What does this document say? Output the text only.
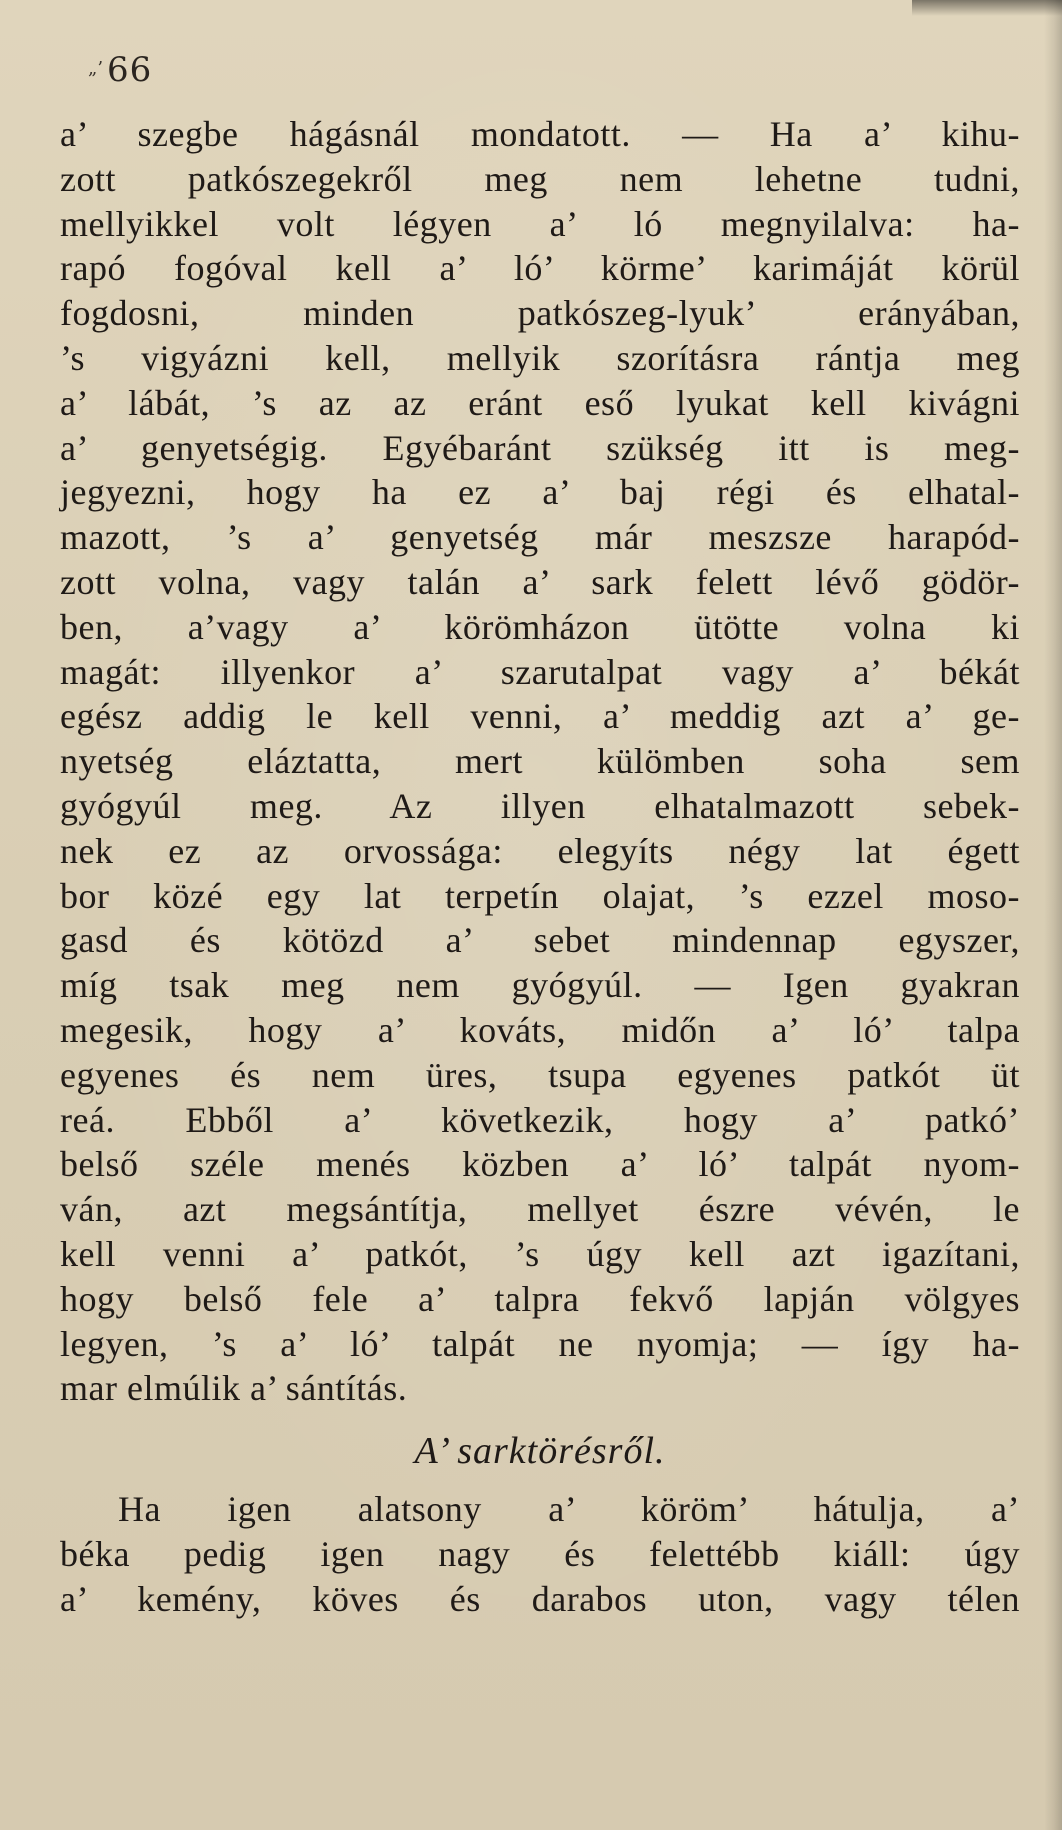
„’ 66
a’ szegbe hágásnál mondatott. — Ha a’ kihu-
zott patkószegekről meg nem lehetne tudni,
mellyikkel volt légyen a’ ló megnyilalva: ha-
rapó fogóval kell a’ ló’ körme’ karimáját körül
fogdosni, minden patkószeg-lyuk’ erányában,
’s vigyázni kell, mellyik szorításra rántja meg
a’ lábát, ’s az az eránt eső lyukat kell kivágni
a’ genyetségig. Egyébaránt szükség itt is meg-
jegyezni, hogy ha ez a’ baj régi és elhatal-
mazott, ’s a’ genyetség már meszsze harapód-
zott volna, vagy talán a’ sark felett lévő gödör-
ben, a’vagy a’ körömházon ütötte volna ki
magát: illyenkor a’ szarutalpat vagy a’ békát
egész addig le kell venni, a’ meddig azt a’ ge-
nyetség eláztatta, mert külömben soha sem
gyógyúl meg. Az illyen elhatalmazott sebek-
nek ez az orvossága: elegyíts négy lat égett
bor közé egy lat terpetín olajat, ’s ezzel moso-
gasd és kötözd a’ sebet mindennap egyszer,
míg tsak meg nem gyógyúl. — Igen gyakran
megesik, hogy a’ kováts, midőn a’ ló’ talpa
egyenes és nem üres, tsupa egyenes patkót üt
reá. Ebből a’ következik, hogy a’ patkó’
belső széle menés közben a’ ló’ talpát nyom-
ván, azt megsántítja, mellyet észre vévén, le
kell venni a’ patkót, ’s úgy kell azt igazítani,
hogy belső fele a’ talpra fekvő lapján völgyes
legyen, ’s a’ ló’ talpát ne nyomja; — így ha-
mar elmúlik a’ sántítás.
A’ sarktörésről.
Ha igen alatsony a’ köröm’ hátulja, a’
béka pedig igen nagy és felettébb kiáll: úgy
a’ kemény, köves és darabos uton, vagy télen
